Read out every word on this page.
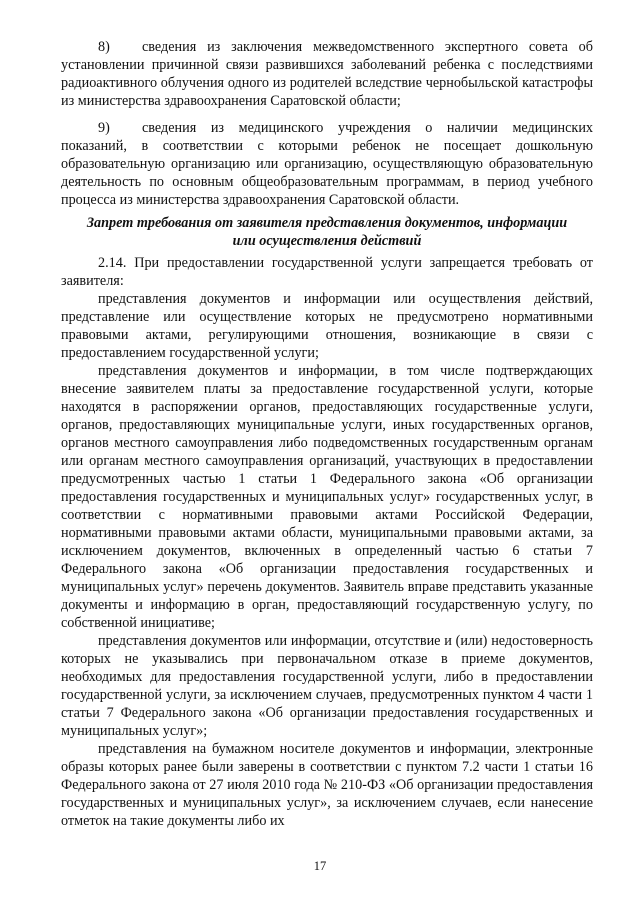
8) сведения из заключения межведомственного экспертного совета об установлении причинной связи развившихся заболеваний ребенка с последствиями радиоактивного облучения одного из родителей вследствие чернобыльской катастрофы из министерства здравоохранения Саратовской области;

9) сведения из медицинского учреждения о наличии медицинских показаний, в соответствии с которыми ребенок не посещает дошкольную образовательную организацию или организацию, осуществляющую образовательную деятельность по основным общеобразовательным программам, в период учебного процесса из министерства здравоохранения Саратовской области.

Запрет требования от заявителя представления документов, информации
или осуществления действий

2.14. При предоставлении государственной услуги запрещается требовать от заявителя:

представления документов и информации или осуществления действий, представление или осуществление которых не предусмотрено нормативными правовыми актами, регулирующими отношения, возникающие в связи с предоставлением государственной услуги;

представления документов и информации, в том числе подтверждающих внесение заявителем платы за предоставление государственной услуги, которые находятся в распоряжении органов, предоставляющих государственные услуги, органов, предоставляющих муниципальные услуги, иных государственных органов, органов местного самоуправления либо подведомственных государственным органам или органам местного самоуправления организаций, участвующих в предоставлении предусмотренных частью 1 статьи 1 Федерального закона «Об организации предоставления государственных и муниципальных услуг» государственных услуг, в соответствии с нормативными правовыми актами Российской Федерации, нормативными правовыми актами области, муниципальными правовыми актами, за исключением документов, включенных в определенный частью 6 статьи 7 Федерального закона «Об организации предоставления государственных и муниципальных услуг» перечень документов. Заявитель вправе представить указанные документы и информацию в орган, предоставляющий государственную услугу, по собственной инициативе;

представления документов или информации, отсутствие и (или) недостоверность которых не указывались при первоначальном отказе в приеме документов, необходимых для предоставления государственной услуги, либо в предоставлении государственной услуги, за исключением случаев, предусмотренных пунктом 4 части 1 статьи 7 Федерального закона «Об организации предоставления государственных и муниципальных услуг»;

представления на бумажном носителе документов и информации, электронные образы которых ранее были заверены в соответствии с пунктом 7.2 части 1 статьи 16 Федерального закона от 27 июля 2010 года № 210-ФЗ «Об организации предоставления государственных и муниципальных услуг», за исключением случаев, если нанесение отметок на такие документы либо их

17
